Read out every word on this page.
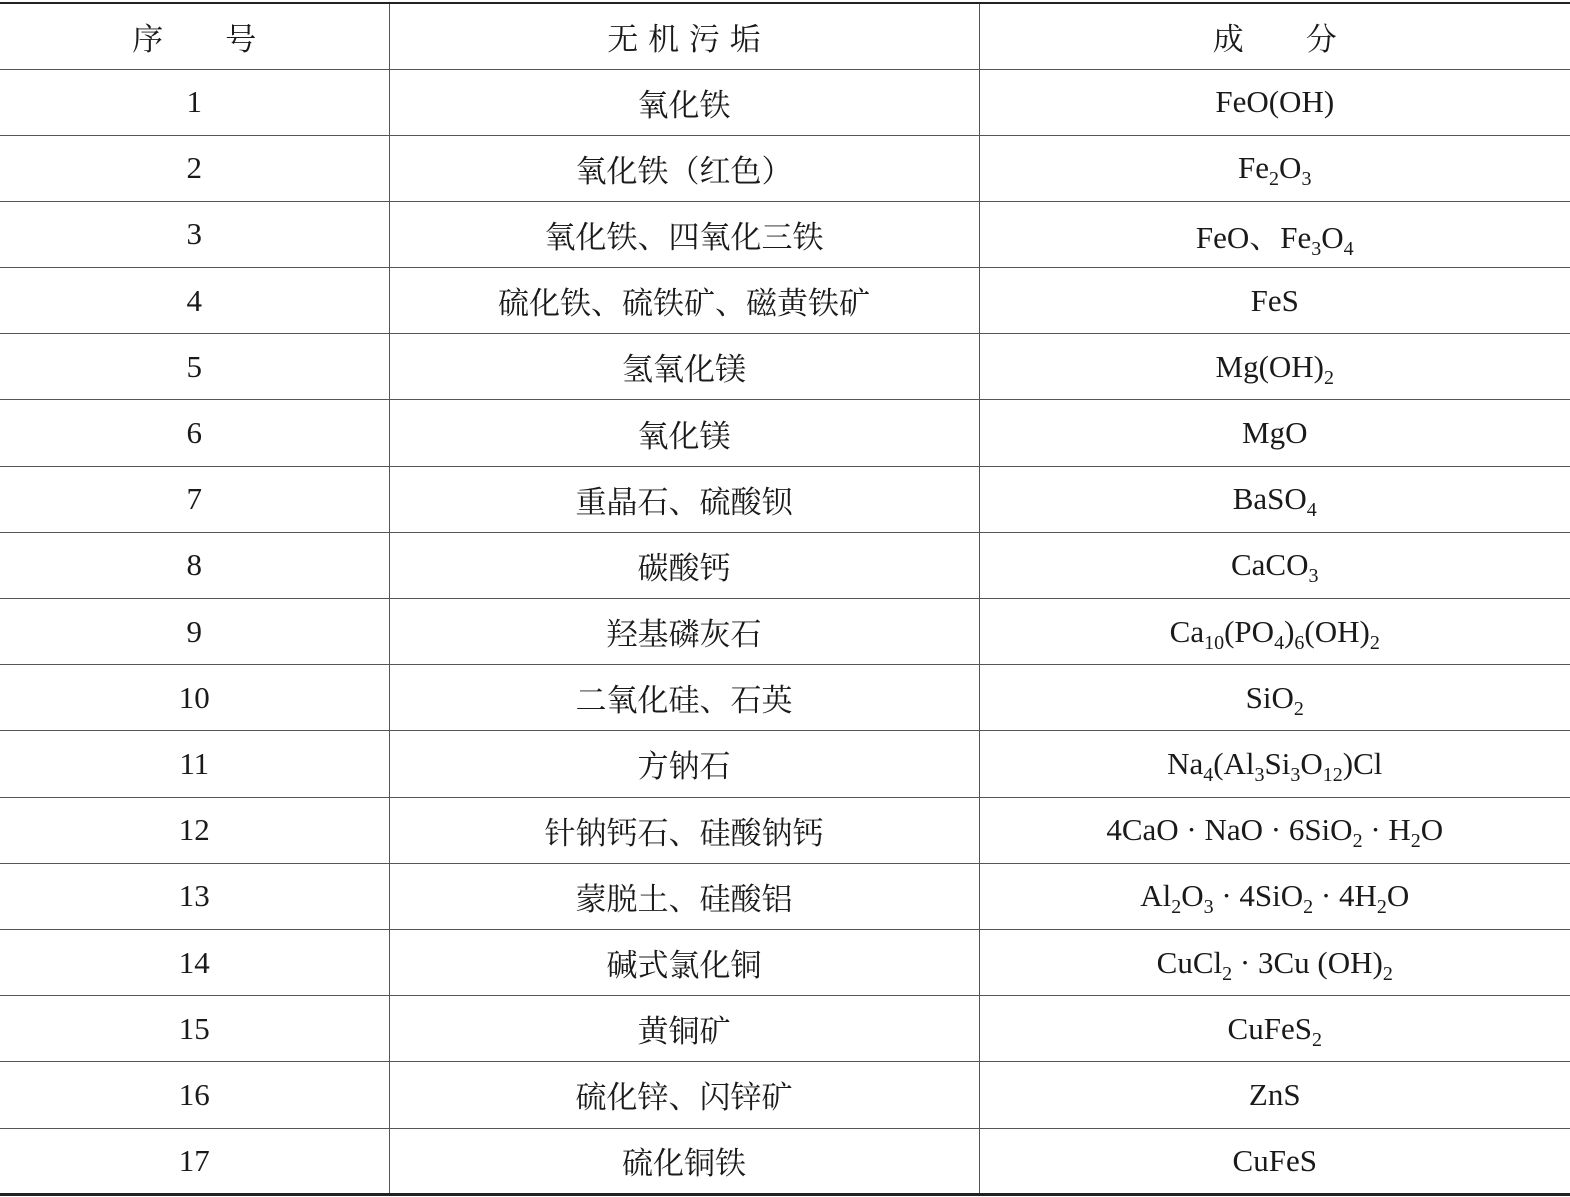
序　　号	无 机 污 垢	成　　分
1	氧化铁	FeO(OH)
2	氧化铁（红色）	$Fe_2O_3$
3	氧化铁、四氧化三铁	FeO、$Fe_3O_4$
4	硫化铁、硫铁矿、磁黄铁矿	FeS
5	氢氧化镁	$Mg(OH)_2$
6	氧化镁	MgO
7	重晶石、硫酸钡	BaSO$_4$
8	碳酸钙	CaCO$_3$
9	羟基磷灰石	$Ca_{10}(PO_4)_6(OH)_2$
10	二氧化硅、石英	SiO$_2$
11	方钠石	$Na_4(Al_3Si_3O_{12})Cl$
12	针钠钙石、硅酸钠钙	4CaO · NaO · $6SiO_2 \cdot H_2O$
13	蒙脱土、硅酸铝	$Al_2O_3 \cdot 4SiO_2 \cdot 4H_2O$
14	碱式氯化铜	CuCl$_2$ · 3Cu $(OH)_2$
15	黄铜矿	CuFeS$_2$
16	硫化锌、闪锌矿	ZnS
17	硫化铜铁	CuFeS
